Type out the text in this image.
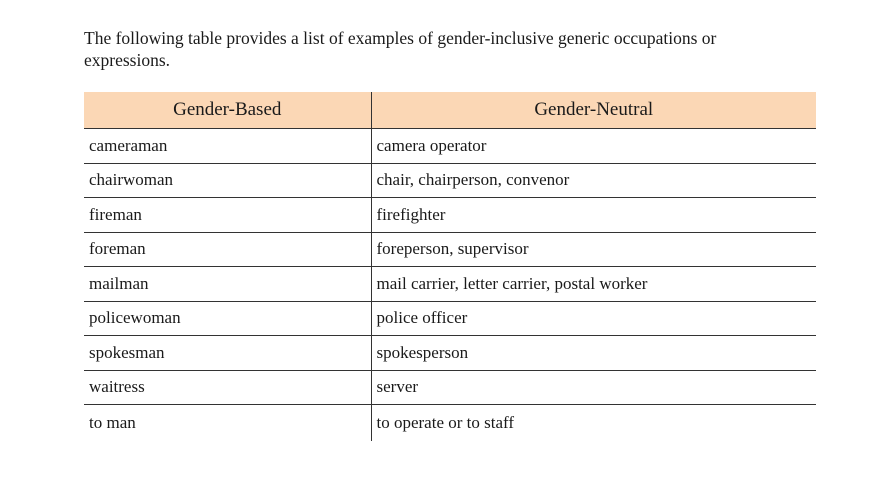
The following table provides a list of examples of gender-inclusive generic occupations or expressions.

Gender-Based	Gender-Neutral
cameraman	camera operator
chairwoman	chair, chairperson, convenor
fireman	firefighter
foreman	foreperson, supervisor
mailman	mail carrier, letter carrier, postal worker
policewoman	police officer
spokesman	spokesperson
waitress	server
to man	to operate or to staff
